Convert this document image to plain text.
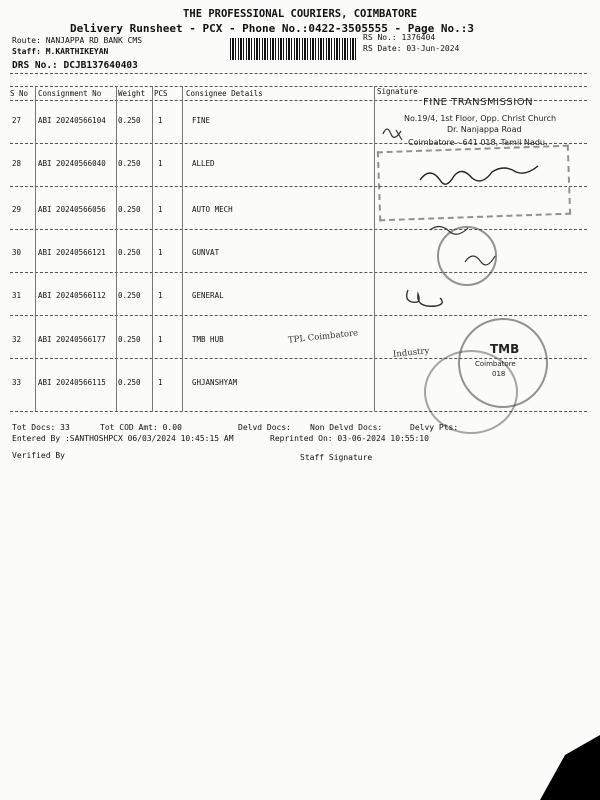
THE PROFESSIONAL COURIERS, COIMBATORE
Delivery Runsheet - PCX - Phone No.:0422-3505555 - Page No.:3
Route: NANJAPPA RD BANK CMS
Staff: M.KARTHIKEYAN
DRS No.: DCJB137640403
RS No.: 1376404
RS Date: 03-Jun-2024
S No Consignment No Weight PCS Consignee Details	Signature
27 ABI 20240566104 0.250 1	FINE
28 ABI 20240566040 0.250 1	ALLED
29 ABI 20240566056 0.250 1	AUTO MECH
30 ABI 20240566121 0.250 1	GUNVAT
31 ABI 20240566112 0.250 1	GENERAL
32 ABI 20240566177 0.250 1	TMB HUB
33 ABI 20240566115 0.250 1	GHJANSHYAM
FINE TRANSMISSION
No.19/4, 1st Floor, Opp. Christ Church
Dr. Nanjappa Road
Coimbatore - 641 018, Tamil Nadu.
TMB
Coimbatore
018
TPL Coimbatore
Industry
Tot Docs: 33	Tot COD Amt: 0.00	Delvd Docs: Non Delvd Docs:	Delvy Pts:
Entered By :SANTHOSHPCX 06/03/2024 10:45:15 AM	Reprinted On: 03-06-2024 10:55:10
Verified By	Staff Signature
